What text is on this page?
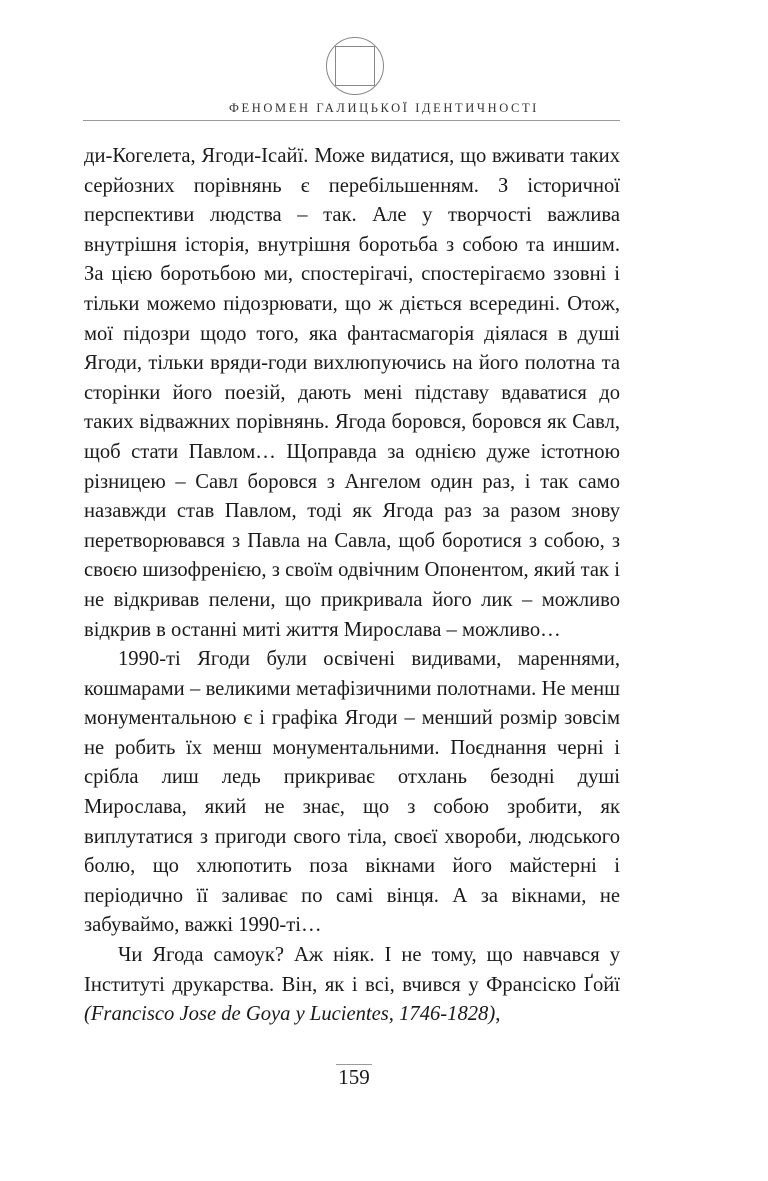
ФЕНОМЕН ГАЛИЦЬКОЇ ІДЕНТИЧНОСТІ

ди-Когелета, Ягоди-Ісайї. Може видатися, що вживати таких серйозних порівнянь є перебільшенням. З історичної перспективи людства – так. Але у творчості важлива внутрішня історія, внутрішня боротьба з собою та иншим. За цією боротьбою ми, спостерігачі, спостерігаємо ззовні і тільки можемо підозрювати, що ж діється всередині. Отож, мої підозри щодо того, яка фантасмагорія діялася в душі Ягоди, тільки вряди-годи вихлюпуючись на його полотна та сторінки його поезій, дають мені підставу вдаватися до таких відважних порівнянь. Ягода боровся, боровся як Савл, щоб стати Павлом… Щоправда за однією дуже істотною різницею – Савл боровся з Ангелом один раз, і так само назавжди став Павлом, тоді як Ягода раз за разом знову перетворювався з Павла на Савла, щоб боротися з собою, з своєю шизофренією, з своїм одвічним Опонентом, який так і не відкривав пелени, що прикривала його лик – можливо відкрив в останні миті життя Мирослава – можливо…

1990-ті Ягоди були освічені видивами, мареннями, кошмарами – великими метафізичними полотнами. Не менш монументальною є і графіка Ягоди – менший розмір зовсім не робить їх менш монументальними. Поєднання черні і срібла лиш ледь прикриває отхлань безодні душі Мирослава, який не знає, що з собою зробити, як виплутатися з пригоди свого тіла, своєї хвороби, людського болю, що хлюпотить поза вікнами його майстерні і періодично її заливає по самі вінця. А за вікнами, не забуваймо, важкі 1990-ті…

Чи Ягода самоук? Аж ніяк. І не тому, що навчався у Інституті друкарства. Він, як і всі, вчився у Франсіско Ґойї (Francisco Jose de Goya y Lucientes, 1746-1828),

159
